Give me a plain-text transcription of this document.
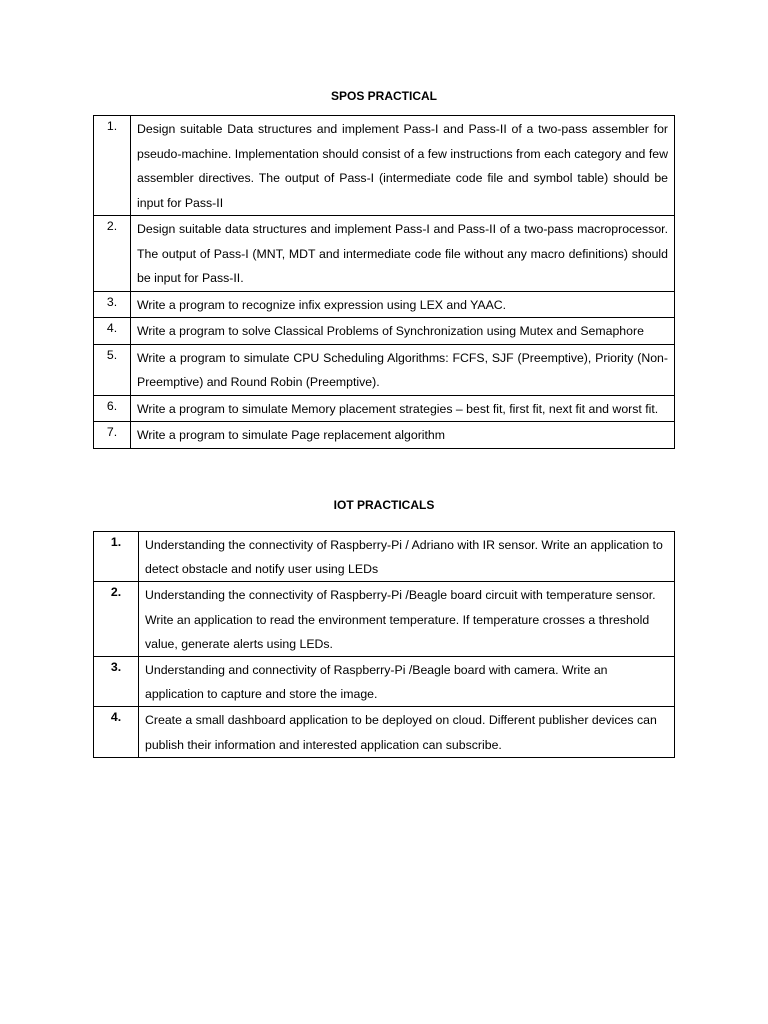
SPOS PRACTICAL
1.	Design suitable Data structures and implement Pass-I and Pass-II of a two-pass assembler for pseudo-machine. Implementation should consist of a few instructions from each category and few assembler directives. The output of Pass-I (intermediate code file and symbol table) should be input for Pass-II
2.	Design suitable data structures and implement Pass-I and Pass-II of a two-pass macroprocessor. The output of Pass-I (MNT, MDT and intermediate code file without any macro definitions) should be input for Pass-II.
3.	Write a program to recognize infix expression using LEX and YAAC.
4.	Write a program to solve Classical Problems of Synchronization using Mutex and Semaphore
5.	Write a program to simulate CPU Scheduling Algorithms: FCFS, SJF (Preemptive), Priority (Non-Preemptive) and Round Robin (Preemptive).
6.	Write a program to simulate Memory placement strategies – best fit, first fit, next fit and worst fit.
7.	Write a program to simulate Page replacement algorithm
IOT PRACTICALS
1.	Understanding the connectivity of Raspberry-Pi / Adriano with IR sensor. Write an application to detect obstacle and notify user using LEDs
2.	Understanding the connectivity of Raspberry-Pi /Beagle board circuit with temperature sensor. Write an application to read the environment temperature. If temperature crosses a threshold value, generate alerts using LEDs.
3.	Understanding and connectivity of Raspberry-Pi /Beagle board with camera. Write an application to capture and store the image.
4.	Create a small dashboard application to be deployed on cloud. Different publisher devices can publish their information and interested application can subscribe.
